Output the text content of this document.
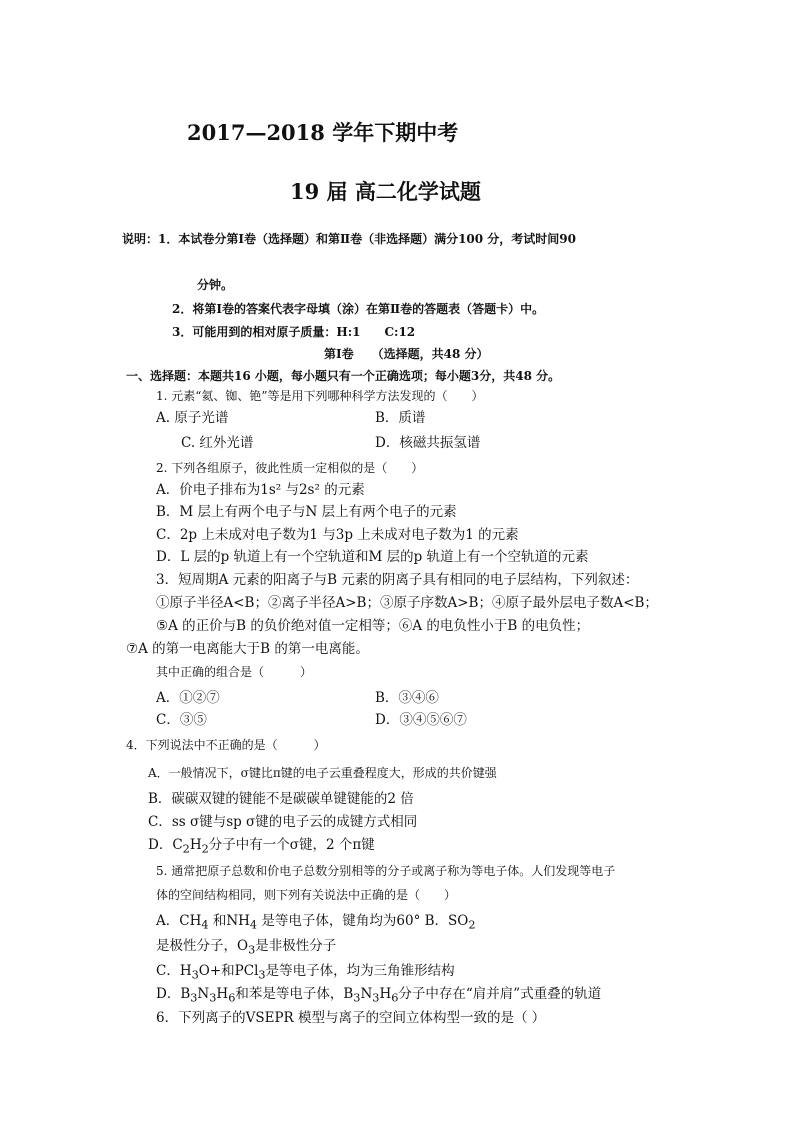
2017—2018 学年下期中考
19 届 高二化学试题
说明：1．本试卷分第Ⅰ卷（选择题）和第Ⅱ卷（非选择题）满分100 分，考试时间90
分钟。
2．将第Ⅰ卷的答案代表字母填（涂）在第Ⅱ卷的答题表（答题卡）中。
3．可能用到的相对原子质量：H:1　　C:12
第Ⅰ卷　　（选择题，共48 分）
一、选择题：本题共16 小题，每小题只有一个正确选项；每小题3分，共48 分。
1. 元素“氦、铷、铯”等是用下列哪种科学方法发现的（　　）
A. 原子光谱	B．质谱
C. 红外光谱	D．核磁共振氢谱
2. 下列各组原子，彼此性质一定相似的是（　　）
A．价电子排布为1s² 与2s² 的元素
B．M 层上有两个电子与N 层上有两个电子的元素
C．2p 上未成对电子数为1 与3p 上未成对电子数为1 的元素
D．L 层的p 轨道上有一个空轨道和M 层的p 轨道上有一个空轨道的元素
3．短周期A 元素的阳离子与B 元素的阴离子具有相同的电子层结构，下列叙述：
①原子半径A<B；②离子半径A>B；③原子序数A>B；④原子最外层电子数A<B；
⑤A 的正价与B 的负价绝对值一定相等；⑥A 的电负性小于B 的电负性；
⑦A 的第一电离能大于B 的第一电离能。
其中正确的组合是（　　　）
A．①②⑦	B．③④⑥
C．③⑤	D．③④⑤⑥⑦
4．下列说法中不正确的是（　　　）
A．一般情况下，σ键比π键的电子云重叠程度大，形成的共价键强
B．碳碳双键的键能不是碳碳单键键能的2 倍
C．ss σ键与sp σ键的电子云的成键方式相同
D．$C_2H_2$分子中有一个σ键，2 个π键
5. 通常把原子总数和价电子总数分别相等的分子或离子称为等电子体。人们发现等电子
体的空间结构相同，则下列有关说法中正确的是（　　）
A．$CH_4$ 和$NH_4$ 是等电子体，键角均为60° B．$SO_2$
是极性分子，$O_3$是非极性分子
C．$H_3O+$和PCl$_3$是等电子体，均为三角锥形结构
D．$B_3N_3H_6$和苯是等电子体，$B_3N_3H_6$分子中存在“肩并肩”式重叠的轨道
6．下列离子的VSEPR 模型与离子的空间立体构型一致的是（ ）
